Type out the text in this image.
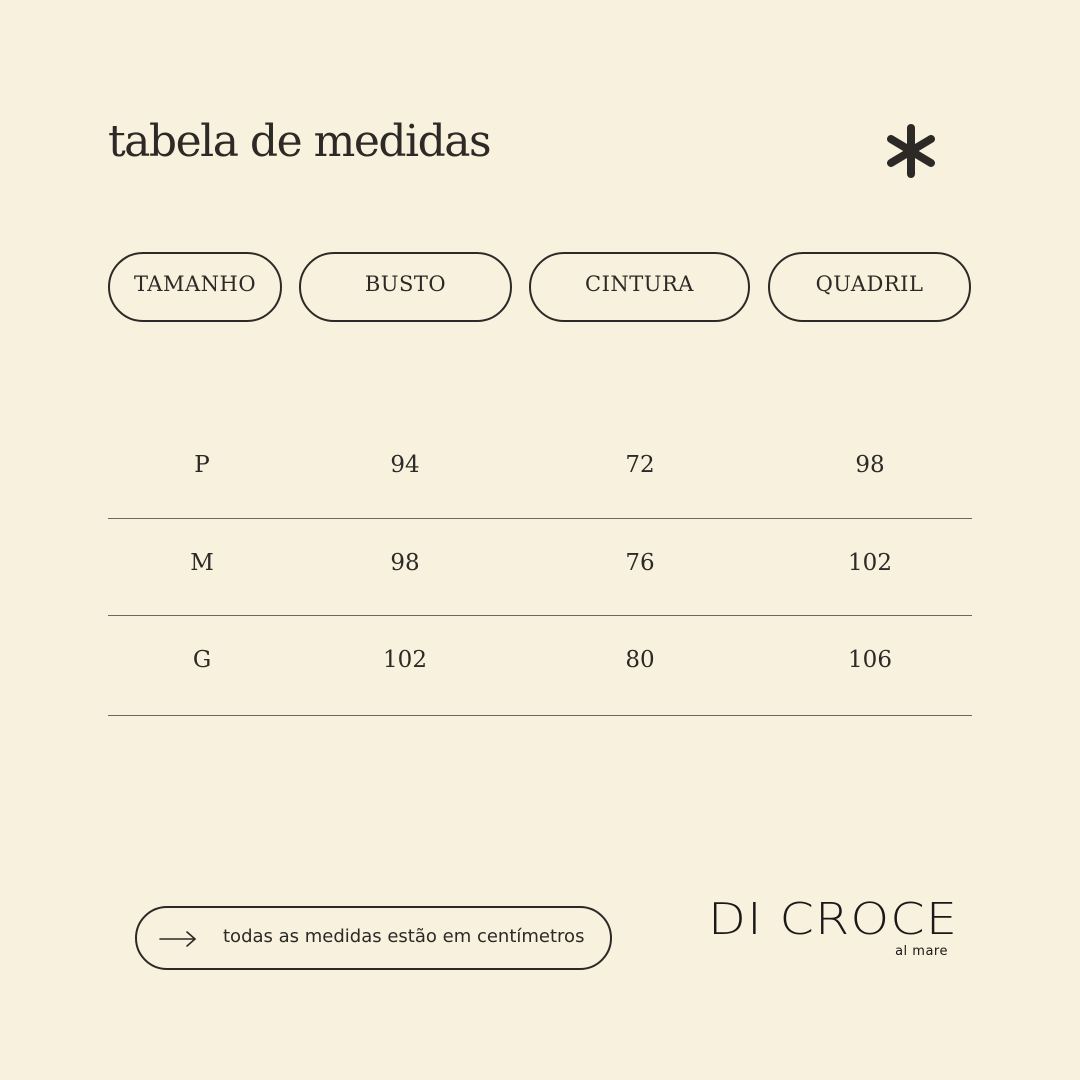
tabela de medidas
TAMANHO	BUSTO	CINTURA	QUADRIL
P	94	72	98
M	98	76	102
G	102	80	106
todas as medidas estão em centímetros	DI CROCE
al mare
